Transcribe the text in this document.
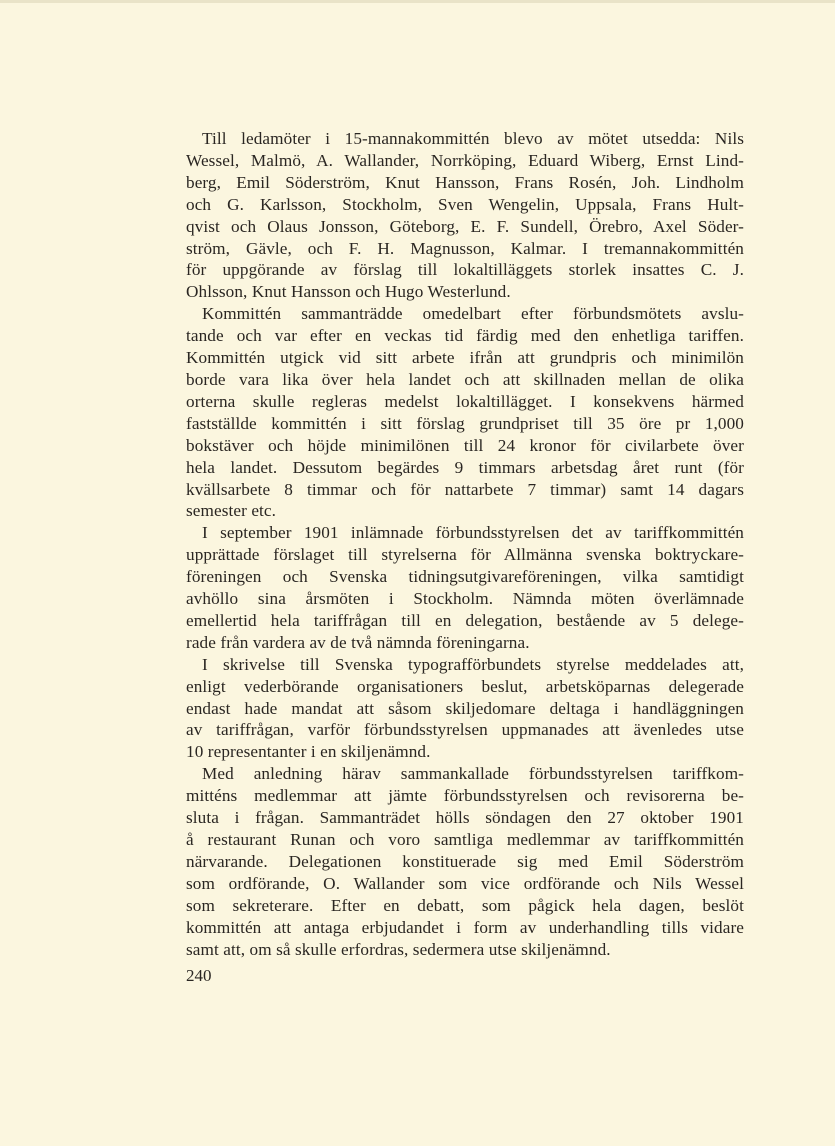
Till ledamöter i 15-mannakommittén blevo av mötet utsedda: Nils
Wessel, Malmö, A. Wallander, Norrköping, Eduard Wiberg, Ernst Lind-
berg, Emil Söderström, Knut Hansson, Frans Rosén, Joh. Lindholm
och G. Karlsson, Stockholm, Sven Wengelin, Uppsala, Frans Hult-
qvist och Olaus Jonsson, Göteborg, E. F. Sundell, Örebro, Axel Söder-
ström, Gävle, och F. H. Magnusson, Kalmar. I tremannakommittén
för uppgörande av förslag till lokaltilläggets storlek insattes C. J.
Ohlsson, Knut Hansson och Hugo Westerlund.
Kommittén sammanträdde omedelbart efter förbundsmötets avslu-
tande och var efter en veckas tid färdig med den enhetliga tariffen.
Kommittén utgick vid sitt arbete ifrån att grundpris och minimilön
borde vara lika över hela landet och att skillnaden mellan de olika
orterna skulle regleras medelst lokaltillägget. I konsekvens härmed
fastställde kommittén i sitt förslag grundpriset till 35 öre pr 1,000
bokstäver och höjde minimilönen till 24 kronor för civilarbete över
hela landet. Dessutom begärdes 9 timmars arbetsdag året runt (för
kvällsarbete 8 timmar och för nattarbete 7 timmar) samt 14 dagars
semester etc.
I september 1901 inlämnade förbundsstyrelsen det av tariffkommittén
upprättade förslaget till styrelserna för Allmänna svenska boktryckare-
föreningen och Svenska tidningsutgivareföreningen, vilka samtidigt
avhöllo sina årsmöten i Stockholm. Nämnda möten överlämnade
emellertid hela tariffrågan till en delegation, bestående av 5 delege-
rade från vardera av de två nämnda föreningarna.
I skrivelse till Svenska typografförbundets styrelse meddelades att,
enligt vederbörande organisationers beslut, arbetsköparnas delegerade
endast hade mandat att såsom skiljedomare deltaga i handläggningen
av tariffrågan, varför förbundsstyrelsen uppmanades att ävenledes utse
10 representanter i en skiljenämnd.
Med anledning härav sammankallade förbundsstyrelsen tariffkom-
mitténs medlemmar att jämte förbundsstyrelsen och revisorerna be-
sluta i frågan. Sammanträdet hölls söndagen den 27 oktober 1901
å restaurant Runan och voro samtliga medlemmar av tariffkommittén
närvarande. Delegationen konstituerade sig med Emil Söderström
som ordförande, O. Wallander som vice ordförande och Nils Wessel
som sekreterare. Efter en debatt, som pågick hela dagen, beslöt
kommittén att antaga erbjudandet i form av underhandling tills vidare
samt att, om så skulle erfordras, sedermera utse skiljenämnd.
240
